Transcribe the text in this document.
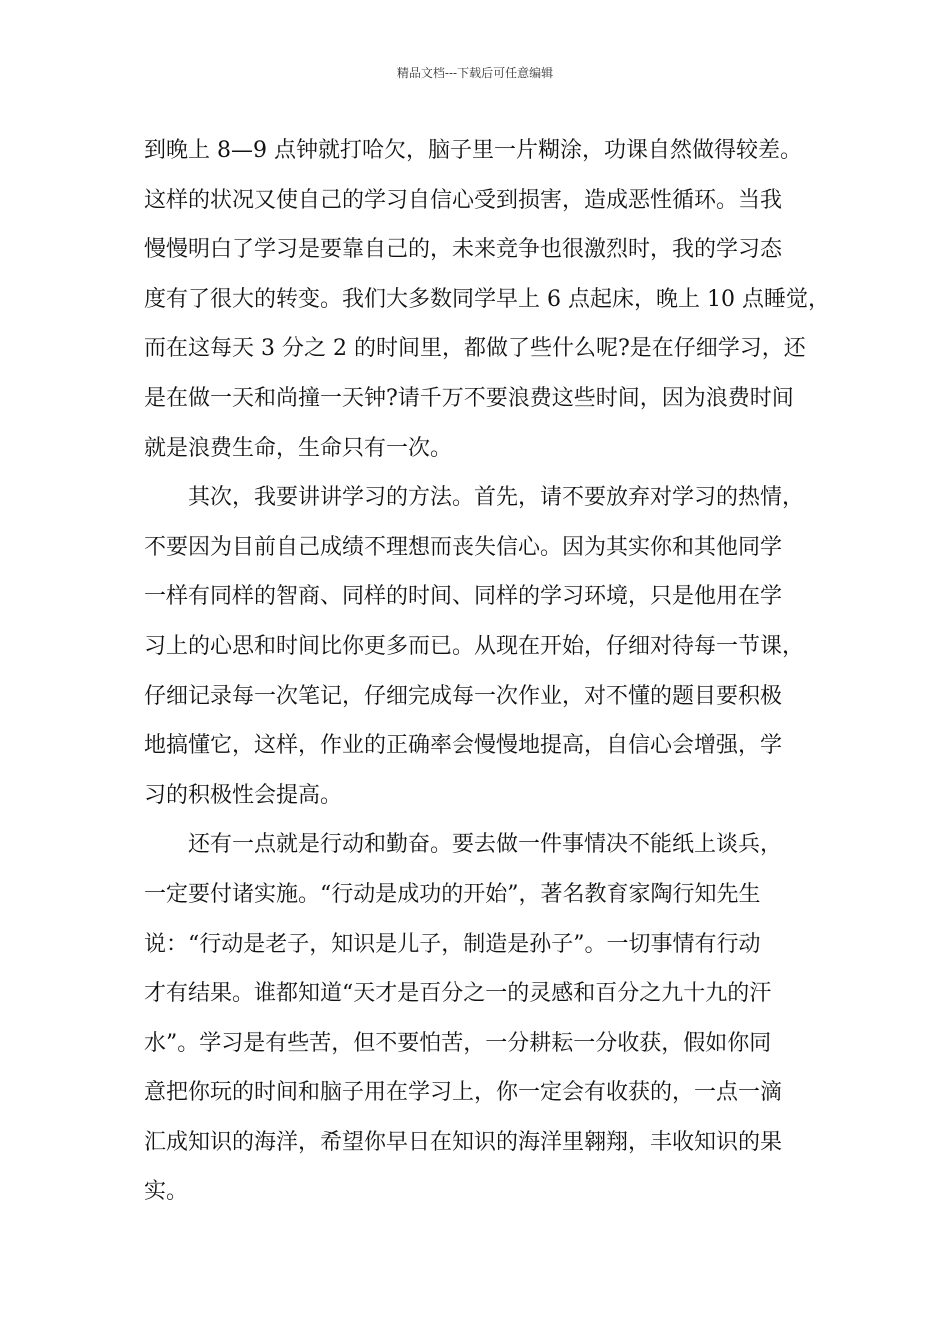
精品文档---下载后可任意编辑
到晚上 8—9 点钟就打哈欠，脑子里一片糊涂，功课自然做得较差。
这样的状况又使自己的学习自信心受到损害，造成恶性循环。当我
慢慢明白了学习是要靠自己的，未来竞争也很激烈时，我的学习态
度有了很大的转变。我们大多数同学早上 6 点起床，晚上 10 点睡觉，
而在这每天 3 分之 2 的时间里，都做了些什么呢?是在仔细学习，还
是在做一天和尚撞一天钟?请千万不要浪费这些时间，因为浪费时间
就是浪费生命，生命只有一次。
其次，我要讲讲学习的方法。首先，请不要放弃对学习的热情，
不要因为目前自己成绩不理想而丧失信心。因为其实你和其他同学
一样有同样的智商、同样的时间、同样的学习环境，只是他用在学
习上的心思和时间比你更多而已。从现在开始，仔细对待每一节课，
仔细记录每一次笔记，仔细完成每一次作业，对不懂的题目要积极
地搞懂它，这样，作业的正确率会慢慢地提高，自信心会增强，学
习的积极性会提高。
还有一点就是行动和勤奋。要去做一件事情决不能纸上谈兵，
一定要付诸实施。“行动是成功的开始”，著名教育家陶行知先生
说：“行动是老子，知识是儿子，制造是孙子”。一切事情有行动
才有结果。谁都知道“天才是百分之一的灵感和百分之九十九的汗
水”。学习是有些苦，但不要怕苦，一分耕耘一分收获，假如你同
意把你玩的时间和脑子用在学习上，你一定会有收获的，一点一滴
汇成知识的海洋，希望你早日在知识的海洋里翱翔，丰收知识的果
实。
